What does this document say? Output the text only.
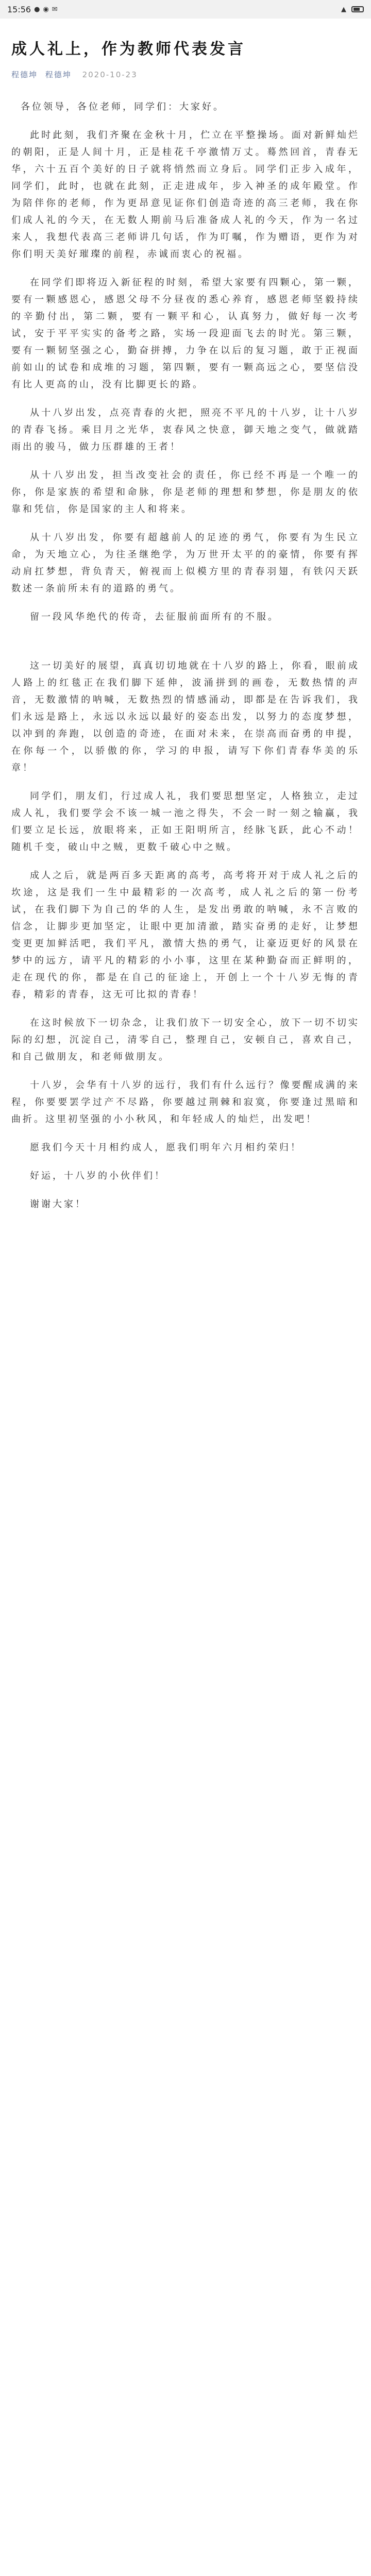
15:56 ● ◉ ✉	▲
成人礼上，作为教师代表发言
程德坤 程德坤 2020-10-23

各位领导，各位老师，同学们：大家好。

此时此刻，我们齐聚在金秋十月，伫立在平整操场。面对新鲜灿烂的朝阳，正是人间十月，正是桂花千亭激情万丈。蓦然回首，青春无华，六十五百个美好的日子就将悄然而立身后。同学们正步入成年，同学们，此时，也就在此刻，正走进成年，步入神圣的成年殿堂。作为陪伴你的老师，作为更昂意见证你们创造奇迹的高三老师，我在你们成人礼的今天，在无数人期前马后准备成人礼的今天，作为一名过来人，我想代表高三老师讲几句话，作为叮嘱，作为赠语，更作为对你们明天美好璀璨的前程，赤诚而衷心的祝福。

在同学们即将迈入新征程的时刻，希望大家要有四颗心，第一颗，要有一颗感恩心，感恩父母不分昼夜的悉心养育，感恩老师坚毅持续的辛勤付出，第二颗，要有一颗平和心，认真努力，做好每一次考试，安于平平实实的备考之路，实场一段迎面飞去的时光。第三颗，要有一颗韧坚强之心，勤奋拼搏，力争在以后的复习题，敢于正视面前如山的试卷和成堆的习题，第四颗，要有一颗高远之心，要坚信没有比人更高的山，没有比脚更长的路。

从十八岁出发，点亮青春的火把，照亮不平凡的十八岁，让十八岁的青春飞扬。乘目月之光华，衷春风之快意，御天地之变气，做就踏雨出的骏马，做力压群雄的王者！

从十八岁出发，担当改变社会的责任，你已经不再是一个唯一的你，你是家族的希望和命脉，你是老师的理想和梦想，你是朋友的依靠和凭信，你是国家的主人和将来。

从十八岁出发，你要有超越前人的足迹的勇气，你要有为生民立命，为天地立心，为往圣继绝学，为万世开太平的的豪情，你要有挥动肩扛梦想，背负青天，俯视而上似模方里的青春羽翅，有铁闪天跃数述一条前所未有的道路的勇气。

留一段风华绝代的传奇，去征服前面所有的不服。

这一切美好的展望，真真切切地就在十八岁的路上，你看，眼前成人路上的红毯正在我们脚下延伸，波涌拼到的画卷，无数热情的声音，无数激情的呐喊，无数热烈的情感涌动，即都是在告诉我们，我们永远是路上，永远以永远以最好的姿态出发，以努力的态度梦想，以冲到的奔跑，以创造的奇迹，在面对未来，在崇高而奋勇的申提，在你每一个，以骄傲的你，学习的申报，请写下你们青春华美的乐章！

同学们，朋友们，行过成人礼，我们要思想坚定，人格独立，走过成人礼，我们要学会不该一城一池之得失，不会一时一刻之输赢，我们要立足长远，放眼将来，正如王阳明所言，经脉飞跃，此心不动！随机千变，破山中之贼，更数千破心中之贼。

成人之后，就是两百多天距离的高考，高考将开对于成人礼之后的坎途，这是我们一生中最精彩的一次高考，成人礼之后的第一份考试，在我们脚下为自己的华的人生，是发出勇敢的呐喊，永不言败的信念，让脚步更加坚定，让眼中更加清澈，踏实奋勇的走好，让梦想变更更加鲜活吧，我们平凡，激情大热的勇气，让豪迈更好的风景在梦中的远方，请平凡的精彩的小小事，这里在某种勤奋而正鲜明的，走在现代的你，都是在自己的征途上，开创上一个十八岁无悔的青春，精彩的青春，这无可比拟的青春！

在这时候放下一切杂念，让我们放下一切安全心，放下一切不切实际的幻想，沉淀自己，清零自己，整理自己，安顿自己，喜欢自己，和自己做朋友，和老师做朋友。

十八岁，会华有十八岁的远行，我们有什么远行？像要醒成满的来程，你要要罢学过产不尽路，你要越过荆棘和寂寞，你要逢过黑暗和曲折。这里初坚强的小小秋风，和年轻成人的灿烂，出发吧！

愿我们今天十月相约成人，愿我们明年六月相约荣归！

好运，十八岁的小伙伴们！

谢谢大家！
